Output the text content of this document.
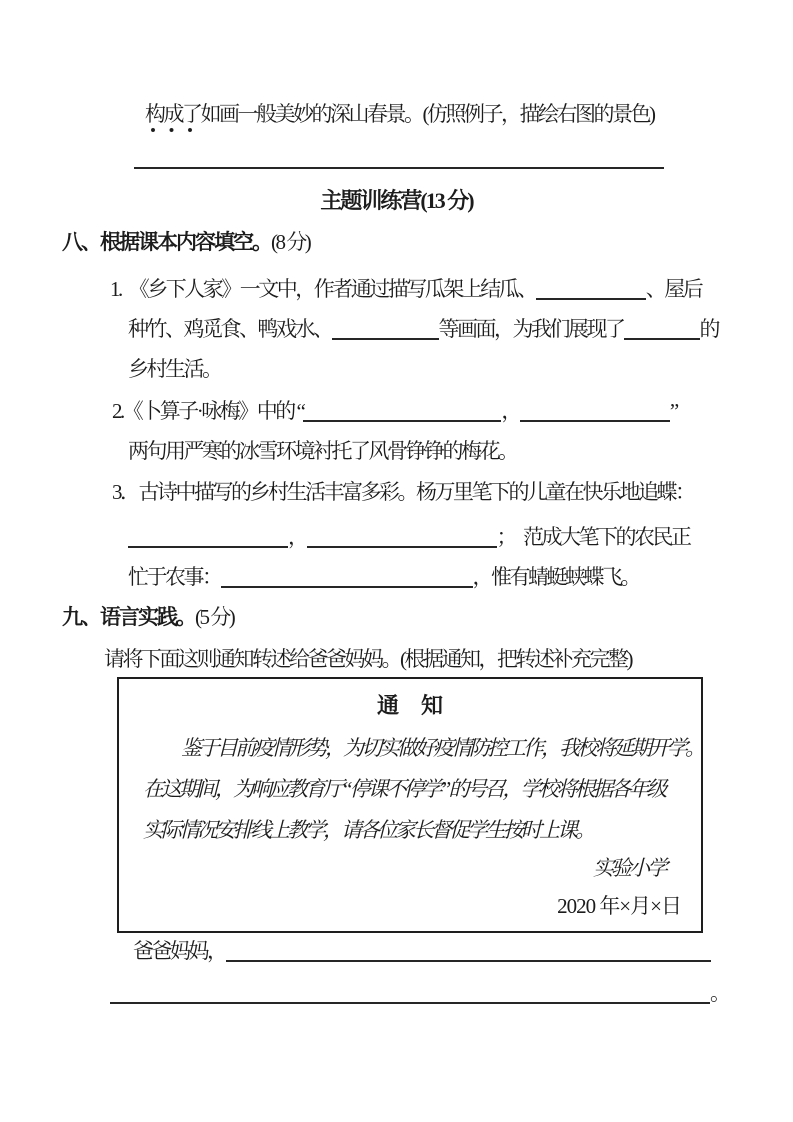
构成了如画一般美妙的深山春景。(仿照例子，描绘右图的景色)
主题训练营(13 分)
八、根据课本内容填空。(8 分)
1.　《乡下人家》一文中，作者通过描写瓜架上结瓜、	、屋后
种竹、鸡觅食、鸭戏水、	等画面，为我们展现了	的
乡村生活。
2.《卜算子·咏梅》中的 “	，	”
两句用严寒的冰雪环境衬托了风骨铮铮的梅花。
3．古诗中描写的乡村生活丰富多彩。杨万里笔下的儿童在快乐地追蝶：
，	；　范成大笔下的农民正
忙于农事：	，惟有蜻蜓蛱蝶飞。
九、语言实践。(5 分)
请将下面这则通知转述给爸爸妈妈。(根据通知，把转述补充完整)
通　知
鉴于目前疫情形势，为切实做好疫情防控工作，我校将延期开学。
在这期间，为响应教育厅“停课不停学”的号召，学校将根据各年级
实际情况安排线上教学，请各位家长督促学生按时上课。
实验小学
2020 年×月×日
爸爸妈妈，
。
